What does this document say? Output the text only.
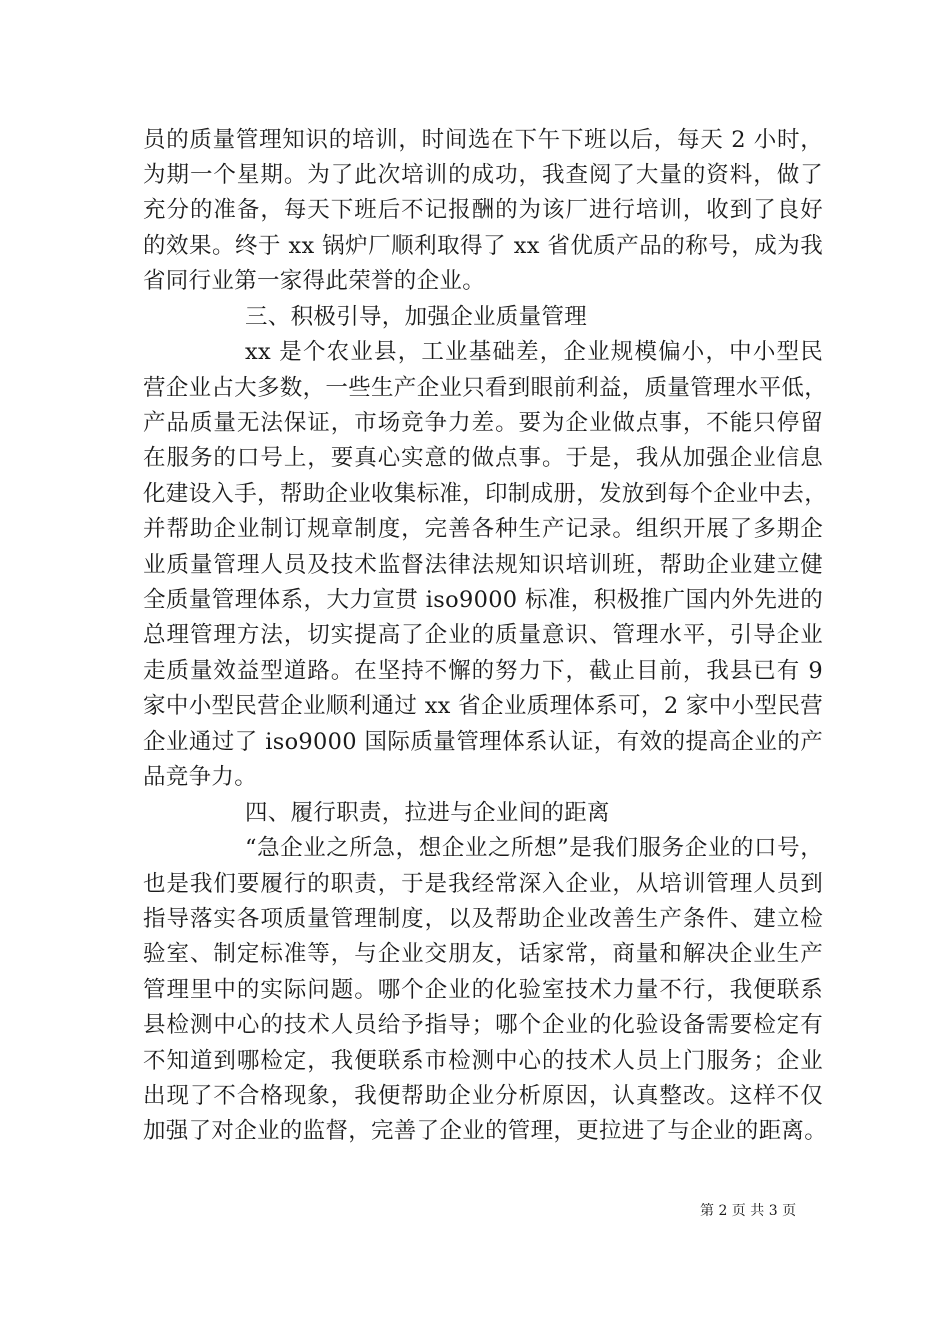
员的质量管理知识的培训，时间选在下午下班以后，每天 2 小时，
为期一个星期。为了此次培训的成功，我查阅了大量的资料，做了
充分的准备，每天下班后不记报酬的为该厂进行培训，收到了良好
的效果。终于 xx 锅炉厂顺利取得了 xx 省优质产品的称号，成为我
省同行业第一家得此荣誉的企业。
三、积极引导，加强企业质量管理
xx 是个农业县，工业基础差，企业规模偏小，中小型民
营企业占大多数，一些生产企业只看到眼前利益，质量管理水平低，
产品质量无法保证，市场竞争力差。要为企业做点事，不能只停留
在服务的口号上，要真心实意的做点事。于是，我从加强企业信息
化建设入手，帮助企业收集标准，印制成册，发放到每个企业中去，
并帮助企业制订规章制度，完善各种生产记录。组织开展了多期企
业质量管理人员及技术监督法律法规知识培训班，帮助企业建立健
全质量管理体系，大力宣贯 iso9000 标准，积极推广国内外先进的
总理管理方法，切实提高了企业的质量意识、管理水平，引导企业
走质量效益型道路。在坚持不懈的努力下，截止目前，我县已有 9
家中小型民营企业顺利通过 xx 省企业质理体系可，2 家中小型民营
企业通过了 iso9000 国际质量管理体系认证，有效的提高企业的产
品竞争力。
四、履行职责，拉进与企业间的距离
“急企业之所急，想企业之所想”是我们服务企业的口号，
也是我们要履行的职责，于是我经常深入企业，从培训管理人员到
指导落实各项质量管理制度，以及帮助企业改善生产条件、建立检
验室、制定标准等，与企业交朋友，话家常，商量和解决企业生产
管理里中的实际问题。哪个企业的化验室技术力量不行，我便联系
县检测中心的技术人员给予指导；哪个企业的化验设备需要检定有
不知道到哪检定，我便联系市检测中心的技术人员上门服务；企业
出现了不合格现象，我便帮助企业分析原因，认真整改。这样不仅
加强了对企业的监督，完善了企业的管理，更拉进了与企业的距离。
第 2 页 共 3 页
